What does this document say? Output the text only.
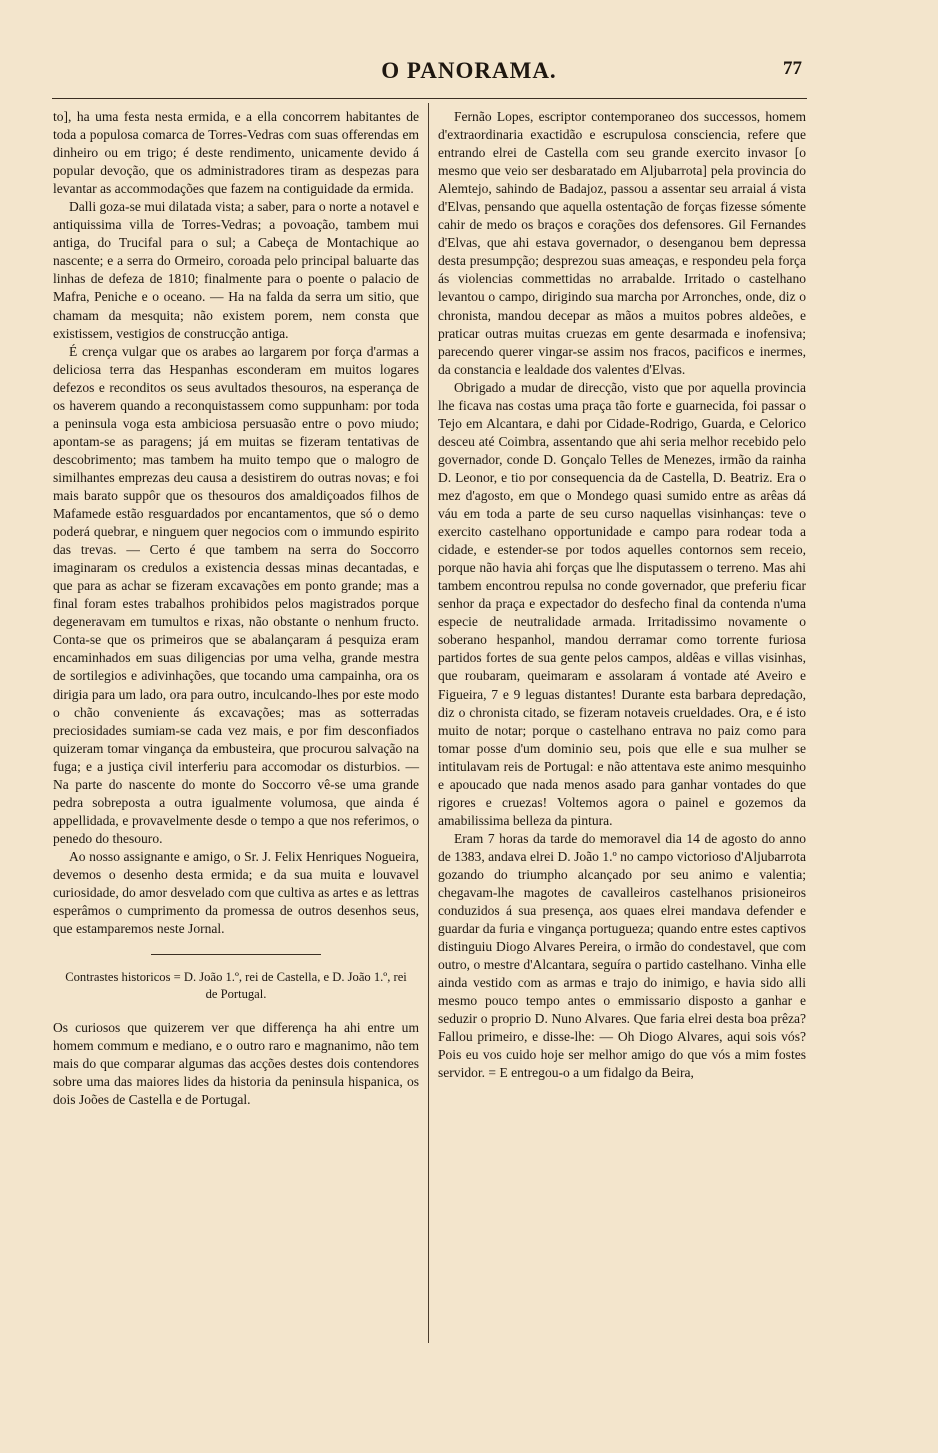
O PANORAMA.	77

to], ha uma festa nesta ermida, e a ella concorrem habitantes de toda a populosa comarca de Torres-Vedras com suas offerendas em dinheiro ou em trigo; é deste rendimento, unicamente devido á popular devoção, que os administradores tiram as despezas para levantar as accommodações que fazem na contiguidade da ermida.

Dalli goza-se mui dilatada vista; a saber, para o norte a notavel e antiquissima villa de Torres-Vedras; a povoação, tambem mui antiga, do Trucifal para o sul; a Cabeça de Montachique ao nascente; e a serra do Ormeiro, coroada pelo principal baluarte das linhas de defeza de 1810; finalmente para o poente o palacio de Mafra, Peniche e o oceano. — Ha na falda da serra um sitio, que chamam da mesquita; não existem porem, nem consta que existissem, vestigios de construcção antiga.

É crença vulgar que os arabes ao largarem por força d'armas a deliciosa terra das Hespanhas esconderam em muitos logares defezos e reconditos os seus avultados thesouros, na esperança de os haverem quando a reconquistassem como suppunham: por toda a peninsula voga esta ambiciosa persuasão entre o povo miudo; apontam-se as paragens; já em muitas se fizeram tentativas de descobrimento; mas tambem ha muito tempo que o malogro de similhantes emprezas deu causa a desistirem do outras novas; e foi mais barato suppôr que os thesouros dos amaldiçoados filhos de Mafamede estão resguardados por encantamentos, que só o demo poderá quebrar, e ninguem quer negocios com o immundo espirito das trevas. — Certo é que tambem na serra do Soccorro imaginaram os credulos a existencia dessas minas decantadas, e que para as achar se fizeram excavações em ponto grande; mas a final foram estes trabalhos prohibidos pelos magistrados porque degeneravam em tumultos e rixas, não obstante o nenhum fructo. Conta-se que os primeiros que se abalançaram á pesquiza eram encaminhados em suas diligencias por uma velha, grande mestra de sortilegios e adivinhações, que tocando uma campainha, ora os dirigia para um lado, ora para outro, inculcando-lhes por este modo o chão conveniente ás excavações; mas as sotterradas preciosidades sumiam-se cada vez mais, e por fim desconfiados quizeram tomar vingança da embusteira, que procurou salvação na fuga; e a justiça civil interferiu para accomodar os disturbios. — Na parte do nascente do monte do Soccorro vê-se uma grande pedra sobreposta a outra igualmente volumosa, que ainda é appellidada, e provavelmente desde o tempo a que nos referimos, o penedo do thesouro.

Ao nosso assignante e amigo, o Sr. J. Felix Henriques Nogueira, devemos o desenho desta ermida; e da sua muita e louvavel curiosidade, do amor desvelado com que cultiva as artes e as lettras esperâmos o cumprimento da promessa de outros desenhos seus, que estamparemos neste Jornal.

Contrastes historicos = D. João 1.º, rei de Castella, e D. João 1.º, rei de Portugal.

Os curiosos que quizerem ver que differença ha ahi entre um homem commum e mediano, e o outro raro e magnanimo, não tem mais do que comparar algumas das acções destes dois contendores sobre uma das maiores lides da historia da peninsula hispanica, os dois Joões de Castella e de Portugal.

Fernão Lopes, escriptor contemporaneo dos successos, homem d'extraordinaria exactidão e escrupulosa consciencia, refere que entrando elrei de Castella com seu grande exercito invasor [o mesmo que veio ser desbaratado em Aljubarrota] pela provincia do Alemtejo, sahindo de Badajoz, passou a assentar seu arraial á vista d'Elvas, pensando que aquella ostentação de forças fizesse sómente cahir de medo os braços e corações dos defensores. Gil Fernandes d'Elvas, que ahi estava governador, o desenganou bem depressa desta presumpção; desprezou suas ameaças, e respondeu pela força ás violencias commettidas no arrabalde. Irritado o castelhano levantou o campo, dirigindo sua marcha por Arronches, onde, diz o chronista, mandou decepar as mãos a muitos pobres aldeões, e praticar outras muitas cruezas em gente desarmada e inofensiva; parecendo querer vingar-se assim nos fracos, pacificos e inermes, da constancia e lealdade dos valentes d'Elvas.

Obrigado a mudar de direcção, visto que por aquella provincia lhe ficava nas costas uma praça tão forte e guarnecida, foi passar o Tejo em Alcantara, e dahi por Cidade-Rodrigo, Guarda, e Celorico desceu até Coimbra, assentando que ahi seria melhor recebido pelo governador, conde D. Gonçalo Telles de Menezes, irmão da rainha D. Leonor, e tio por consequencia da de Castella, D. Beatriz. Era o mez d'agosto, em que o Mondego quasi sumido entre as arêas dá váu em toda a parte de seu curso naquellas visinhanças: teve o exercito castelhano opportunidade e campo para rodear toda a cidade, e estender-se por todos aquelles contornos sem receio, porque não havia ahi forças que lhe disputassem o terreno. Mas ahi tambem encontrou repulsa no conde governador, que preferiu ficar senhor da praça e expectador do desfecho final da contenda n'uma especie de neutralidade armada. Irritadissimo novamente o soberano hespanhol, mandou derramar como torrente furiosa partidos fortes de sua gente pelos campos, aldêas e villas visinhas, que roubaram, queimaram e assolaram á vontade até Aveiro e Figueira, 7 e 9 leguas distantes! Durante esta barbara depredação, diz o chronista citado, se fizeram notaveis crueldades. Ora, e é isto muito de notar; porque o castelhano entrava no paiz como para tomar posse d'um dominio seu, pois que elle e sua mulher se intitulavam reis de Portugal: e não attentava este animo mesquinho e apoucado que nada menos asado para ganhar vontades do que rigores e cruezas! Voltemos agora o painel e gozemos da amabilissima belleza da pintura.

Eram 7 horas da tarde do memoravel dia 14 de agosto do anno de 1383, andava elrei D. João 1.º no campo victorioso d'Aljubarrota gozando do triumpho alcançado por seu animo e valentia; chegavam-lhe magotes de cavalleiros castelhanos prisioneiros conduzidos á sua presença, aos quaes elrei mandava defender e guardar da furia e vingança portugueza; quando entre estes captivos distinguiu Diogo Alvares Pereira, o irmão do condestavel, que com outro, o mestre d'Alcantara, seguíra o partido castelhano. Vinha elle ainda vestido com as armas e trajo do inimigo, e havia sido alli mesmo pouco tempo antes o emmissario disposto a ganhar e seduzir o proprio D. Nuno Alvares. Que faria elrei desta boa prêza? Fallou primeiro, e disse-lhe: — Oh Diogo Alvares, aqui sois vós? Pois eu vos cuido hoje ser melhor amigo do que vós a mim fostes servidor. = E entregou-o a um fidalgo da Beira,
